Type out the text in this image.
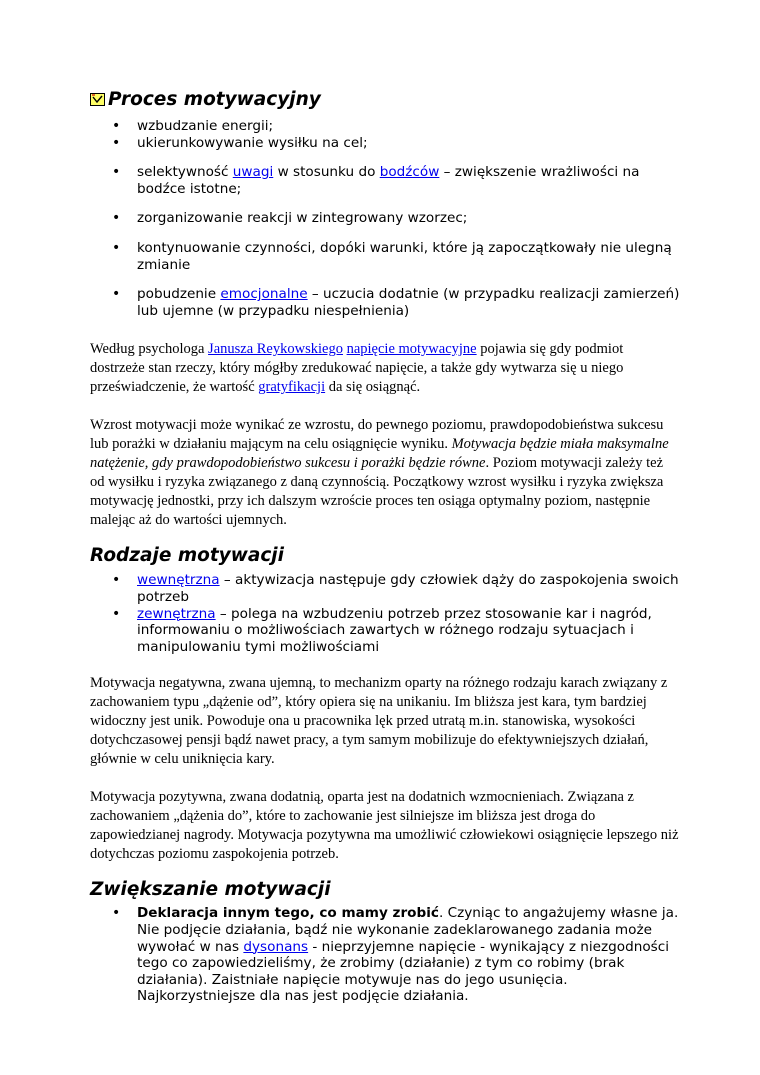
Proces motywacyjny
• wzbudzanie energii;
• ukierunkowywanie wysiłku na cel;
• selektywność uwagi w stosunku do bodźców – zwiększenie wrażliwości na bodźce istotne;
• zorganizowanie reakcji w zintegrowany wzorzec;
• kontynuowanie czynności, dopóki warunki, które ją zapoczątkowały nie ulegną zmianie
• pobudzenie emocjonalne – uczucia dodatnie (w przypadku realizacji zamierzeń) lub ujemne (w przypadku niespełnienia)

Według psychologa Janusza Reykowskiego napięcie motywacyjne pojawia się gdy podmiot dostrzeże stan rzeczy, który mógłby zredukować napięcie, a także gdy wytwarza się u niego przeświadczenie, że wartość gratyfikacji da się osiągnąć.

Wzrost motywacji może wynikać ze wzrostu, do pewnego poziomu, prawdopodobieństwa sukcesu lub porażki w działaniu mającym na celu osiągnięcie wyniku. Motywacja będzie miała maksymalne natężenie, gdy prawdopodobieństwo sukcesu i porażki będzie równe. Poziom motywacji zależy też od wysiłku i ryzyka związanego z daną czynnością. Początkowy wzrost wysiłku i ryzyka zwiększa motywację jednostki, przy ich dalszym wzroście proces ten osiąga optymalny poziom, następnie malejąc aż do wartości ujemnych.

Rodzaje motywacji
• wewnętrzna – aktywizacja następuje gdy człowiek dąży do zaspokojenia swoich potrzeb
• zewnętrzna – polega na wzbudzeniu potrzeb przez stosowanie kar i nagród, informowaniu o możliwościach zawartych w różnego rodzaju sytuacjach i manipulowaniu tymi możliwościami

Motywacja negatywna, zwana ujemną, to mechanizm oparty na różnego rodzaju karach związany z zachowaniem typu „dążenie od”, który opiera się na unikaniu. Im bliższa jest kara, tym bardziej widoczny jest unik. Powoduje ona u pracownika lęk przed utratą m.in. stanowiska, wysokości dotychczasowej pensji bądź nawet pracy, a tym samym mobilizuje do efektywniejszych działań, głównie w celu uniknięcia kary.

Motywacja pozytywna, zwana dodatnią, oparta jest na dodatnich wzmocnieniach. Związana z zachowaniem „dążenia do”, które to zachowanie jest silniejsze im bliższa jest droga do zapowiedzianej nagrody. Motywacja pozytywna ma umożliwić człowiekowi osiągnięcie lepszego niż dotychczas poziomu zaspokojenia potrzeb.

Zwiększanie motywacji
• Deklaracja innym tego, co mamy zrobić. Czyniąc to angażujemy własne ja. Nie podjęcie działania, bądź nie wykonanie zadeklarowanego zadania może wywołać w nas dysonans - nieprzyjemne napięcie - wynikający z niezgodności tego co zapowiedzieliśmy, że zrobimy (działanie) z tym co robimy (brak działania). Zaistniałe napięcie motywuje nas do jego usunięcia. Najkorzystniejsze dla nas jest podjęcie działania.
